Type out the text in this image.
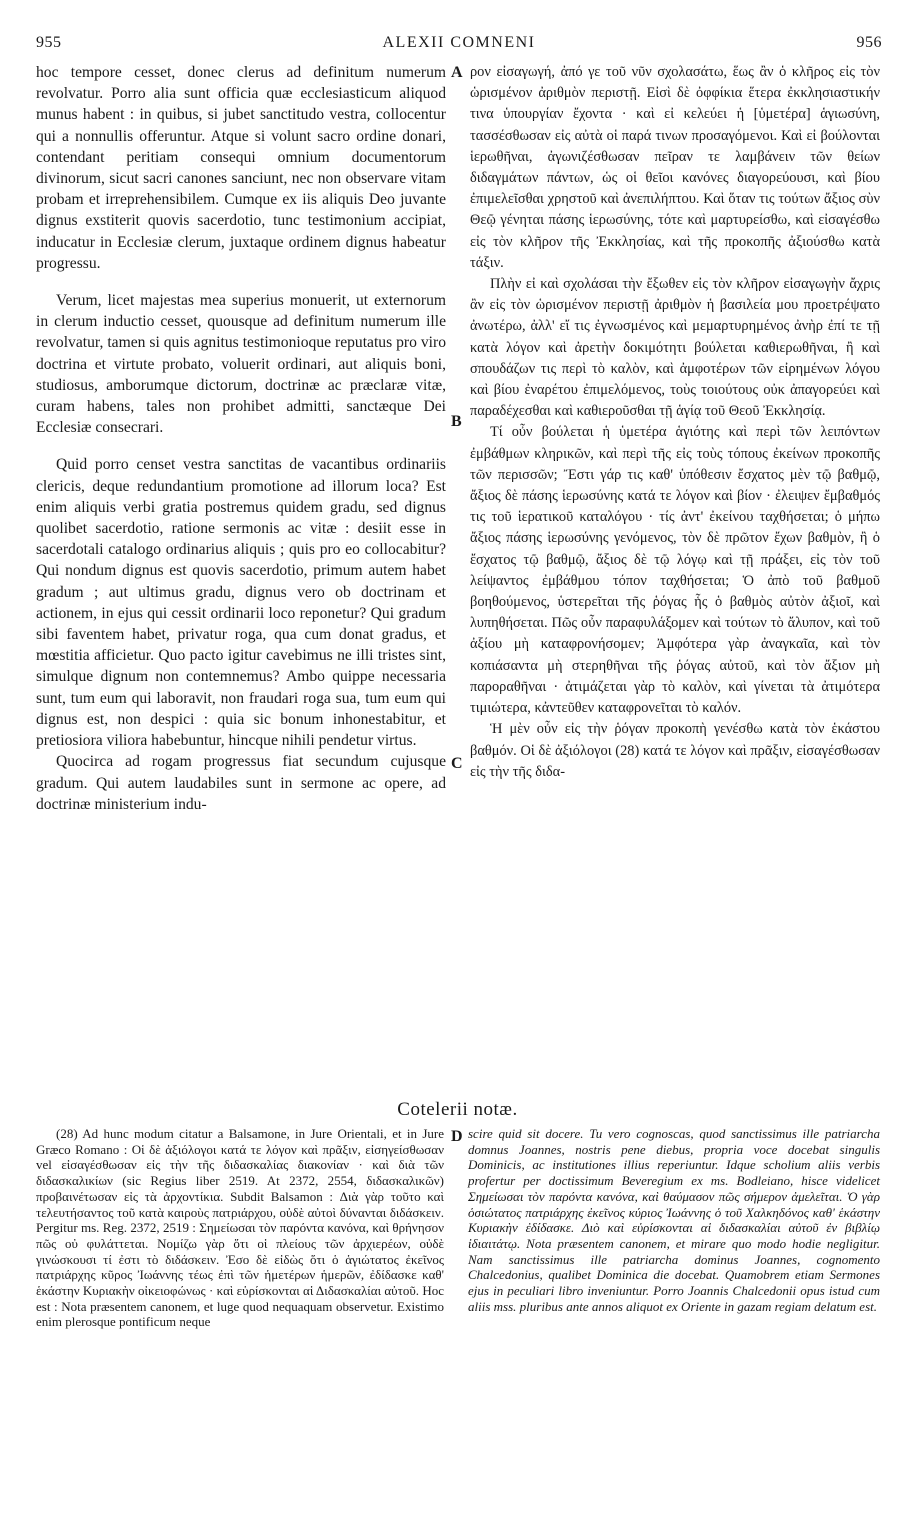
955	ALEXII COMNENI	956

hoc tempore cesset, donec clerus ad definitum numerum revolvatur. Porro alia sunt officia quæ ecclesiasticum aliquod munus habent : in quibus, si jubet sanctitudo vestra, collocentur qui a nonnullis offeruntur. Atque si volunt sacro ordine donari, contendant peritiam consequi omnium documentorum divinorum, sicut sacri canones sanciunt, nec non observare vitam probam et irreprehensibilem. Cumque ex iis aliquis Deo juvante dignus exstiterit quovis sacerdotio, tunc testimonium accipiat, inducatur in Ecclesiæ clerum, juxtaque ordinem dignus habeatur progressu.

Verum, licet majestas mea superius monuerit, ut externorum in clerum inductio cesset, quousque ad definitum numerum ille revolvatur, tamen si quis agnitus testimonioque reputatus pro viro doctrina et virtute probato, voluerit ordinari, aut aliquis boni, studiosus, amborumque dictorum, doctrinæ ac præclaræ vitæ, curam habens, tales non prohibet admitti, sanctæque Dei Ecclesiæ consecrari.

Quid porro censet vestra sanctitas de vacantibus ordinariis clericis, deque redundantium promotione ad illorum loca? Est enim aliquis verbi gratia postremus quidem gradu, sed dignus quolibet sacerdotio, ratione sermonis ac vitæ : desiit esse in sacerdotali catalogo ordinarius aliquis ; quis pro eo collocabitur? Qui nondum dignus est quovis sacerdotio, primum autem habet gradum ; aut ultimus gradu, dignus vero ob doctrinam et actionem, in ejus qui cessit ordinarii loco reponetur? Qui gradum sibi faventem habet, privatur roga, qua cum donat gradus, et mœstitia afficietur. Quo pacto igitur cavebimus ne illi tristes sint, simulque dignum non contemnemus? Ambo quippe necessaria sunt, tum eum qui laboravit, non fraudari roga sua, tum eum qui dignus est, non despici : quia sic bonum inhonestabitur, et pretiosiora viliora habebuntur, hincque nihili pendetur virtus.

Quocirca ad rogam progressus fiat secundum cujusque gradum. Qui autem laudabiles sunt in sermone ac opere, ad doctrinæ ministerium indu-

A
B
C
D

ρον εἰσαγωγή, ἀπό γε τοῦ νῦν σχολασάτω, ἕως ἂν ὁ κλῆρος εἰς τὸν ὡρισμένον ἀριθμὸν περιστῇ. Εἰσὶ δὲ ὀφφίκια ἕτερα ἐκκλησιαστικήν τινα ὑπουργίαν ἔχοντα · καὶ εἰ κελεύει ἡ [ὑμετέρα] ἁγιωσύνη, τασσέσθωσαν εἰς αὐτὰ οἱ παρά τινων προσαγόμενοι. Καὶ εἰ βούλονται ἱερωθῆναι, ἀγωνιζέσθωσαν πεῖραν τε λαμβάνειν τῶν θείων διδαγμάτων πάντων, ὡς οἱ θεῖοι κανόνες διαγορεύουσι, καὶ βίου ἐπιμελεῖσθαι χρηστοῦ καὶ ἀνεπιλήπτου. Καὶ ὅταν τις τούτων ἄξιος σὺν Θεῷ γένηται πάσης ἱερωσύνης, τότε καὶ μαρτυρείσθω, καὶ εἰσαγέσθω εἰς τὸν κλῆρον τῆς Ἐκκλησίας, καὶ τῆς προκοπῆς ἀξιούσθω κατὰ τάξιν.

Πλὴν εἰ καὶ σχολάσαι τὴν ἔξωθεν εἰς τὸν κλῆρον εἰσαγωγὴν ἄχρις ἂν εἰς τὸν ὡρισμένον περιστῇ ἀριθμὸν ἡ βασιλεία μου προετρέψατο ἀνωτέρω, ἀλλ' εἴ τις ἐγνωσμένος καὶ μεμαρτυρημένος ἀνὴρ ἐπί τε τῇ κατὰ λόγον καὶ ἀρετὴν δοκιμότητι βούλεται καθιερωθῆναι, ἢ καὶ σπουδάζων τις περὶ τὸ καλὸν, καὶ ἀμφοτέρων τῶν εἰρημένων λόγου καὶ βίου ἐναρέτου ἐπιμελόμενος, τοὺς τοιούτους οὐκ ἀπαγορεύει καὶ παραδέχεσθαι καὶ καθιεροῦσθαι τῇ ἁγίᾳ τοῦ Θεοῦ Ἐκκλησίᾳ.

Τί οὖν βούλεται ἡ ὑμετέρα ἁγιότης καὶ περὶ τῶν λειπόντων ἐμβάθμων κληρικῶν, καὶ περὶ τῆς εἰς τοὺς τόπους ἐκείνων προκοπῆς τῶν περισσῶν; Ἔστι γάρ τις καθ' ὑπόθεσιν ἔσχατος μὲν τῷ βαθμῷ, ἄξιος δὲ πάσης ἱερωσύνης κατά τε λόγον καὶ βίον · ἐλειψεν ἔμβαθμός τις τοῦ ἱερατικοῦ καταλόγου · τίς ἀντ' ἐκείνου ταχθήσεται; ὁ μήπω ἄξιος πάσης ἱερωσύνης γενόμενος, τὸν δὲ πρῶτον ἔχων βαθμὸν, ἢ ὁ ἔσχατος τῷ βαθμῷ, ἄξιος δὲ τῷ λόγῳ καὶ τῇ πράξει, εἰς τὸν τοῦ λείψαντος ἐμβάθμου τόπον ταχθήσεται; Ὁ ἀπὸ τοῦ βαθμοῦ βοηθούμενος, ὑστερεῖται τῆς ῥόγας ἧς ὁ βαθμὸς αὐτὸν ἀξιοῖ, καὶ λυπηθήσεται. Πῶς οὖν παραφυλάξομεν καὶ τούτων τὸ ἄλυπον, καὶ τοῦ ἀξίου μὴ καταφρονήσομεν; Ἀμφότερα γὰρ ἀναγκαῖα, καὶ τὸν κοπιάσαντα μὴ στερηθῆναι τῆς ῥόγας αὐτοῦ, καὶ τὸν ἄξιον μὴ παροραθῆναι · ἀτιμάζεται γὰρ τὸ καλὸν, καὶ γίνεται τὰ ἀτιμότερα τιμιώτερα, κἀντεῦθεν καταφρονεῖται τὸ καλόν.

Ἡ μὲν οὖν εἰς τὴν ῥόγαν προκοπὴ γενέσθω κατὰ τὸν ἑκάστου βαθμόν. Οἱ δὲ ἀξιόλογοι (28) κατά τε λόγον καὶ πρᾶξιν, εἰσαγέσθωσαν εἰς τὴν τῆς διδα-

Cotelerii notæ.

(28) Ad hunc modum citatur a Balsamone, in Jure Orientali, et in Jure Græco Romano : Οἱ δὲ ἀξιόλογοι κατά τε λόγον καὶ πρᾶξιν, εἰσηγείσθωσαν vel εἰσαγέσθωσαν εἰς τὴν τῆς διδασκαλίας διακονίαν · καὶ διὰ τῶν διδασκαλικίων (sic Regius liber 2519. At 2372, 2554, διδασκαλικῶν) προβαινέτωσαν εἰς τὰ ἀρχοντίκια. Subdit Balsamon : Διὰ γὰρ τοῦτο καὶ τελευτήσαντος τοῦ κατὰ καιροὺς πατριάρχου, οὐδὲ αὐτοὶ δύνανται διδάσκειν. Pergitur ms. Reg. 2372, 2519 : Σημείωσαι τὸν παρόντα κανόνα, καὶ θρήνησον πῶς οὐ φυλάττεται. Νομίζω γὰρ ὅτι οἱ πλείους τῶν ἀρχιερέων, οὐδὲ γινώσκουσι τί ἐστι τὸ διδάσκειν. Ἐσο δὲ εἰδὼς ὅτι ὁ ἁγιώτατος ἐκεῖνος πατριάρχης κῦρος Ἰωάννης τέως ἐπὶ τῶν ἡμετέρων ἡμερῶν, ἐδίδασκε καθ' ἑκάστην Κυριακὴν οἰκειοφώνως · καὶ εὑρίσκονται αἱ Διδασκαλίαι αὐτοῦ. Hoc est : Nota præsentem canonem, et luge quod nequaquam observetur. Existimo enim plerosque pontificum neque

scire quid sit docere. Tu vero cognoscas, quod sanctissimus ille patriarcha domnus Joannes, nostris pene diebus, propria voce docebat singulis Dominicis, ac institutiones illius reperiuntur. Idque scholium aliis verbis profertur per doctissimum Beveregium ex ms. Bodleiano, hisce videlicet Σημείωσαι τὸν παρόντα κανόνα, καὶ θαύμασον πῶς σήμερον ἀμελεῖται. Ὁ γὰρ ὁσιώτατος πατριάρχης ἐκεῖνος κύριος Ἰωάννης ὁ τοῦ Χαλκηδόνος καθ' ἑκάστην Κυριακὴν ἐδίδασκε. Διὸ καὶ εὑρίσκονται αἱ διδασκαλίαι αὐτοῦ ἐν βιβλίῳ ἰδιαιτάτῳ. Nota præsentem canonem, et mirare quo modo hodie negligitur. Nam sanctissimus ille patriarcha dominus Joannes, cognomento Chalcedonius, qualibet Dominica die docebat. Quamobrem etiam Sermones ejus in peculiari libro inveniuntur. Porro Joannis Chalcedonii opus istud cum aliis mss. pluribus ante annos aliquot ex Oriente in gazam regiam delatum est.
